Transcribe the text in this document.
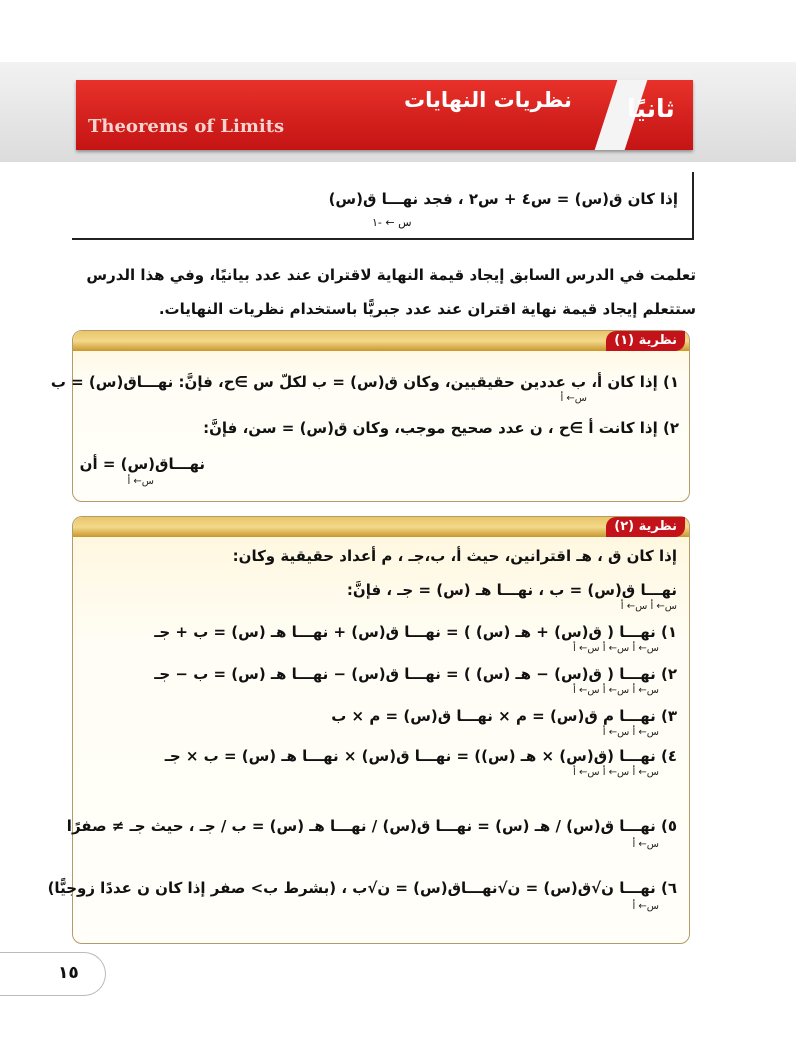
Theorems of Limits
نظريات النهايات ثانيًا
إذا كان ق(س) = س٤ + س٢ ، فجد نهـــا ق(س)
س ← -١
تعلمت في الدرس السابق إيجاد قيمة النهاية لاقتران عند عدد بيانيًا، وفي هذا الدرس ستتعلم إيجاد قيمة نهاية اقتران عند عدد جبريًّا باستخدام نظريات النهايات.
نظرية (١)
١) إذا كان أ، ب عددين حقيقيين، وكان ق(س) = ب لكلّ س ∋ح، فإنَّ: نهـــاق(س) = ب
س← أ
٢) إذا كانت أ ∋ح ، ن عدد صحيح موجب، وكان ق(س) = سن، فإنَّ:
نهـــاق(س) = أن
س← أ
نظرية (٢)
إذا كان ق ، هـ اقترانين، حيث أ، ب،جـ ، م أعداد حقيقية وكان:
نهـــا ق(س) = ب ، نهـــا هـ (س) = جـ ، فإنَّ:
س← أ س← أ
١) نهـــا ( ق(س) + هـ (س) ) = نهـــا ق(س) + نهـــا هـ (س) = ب + جـ
س← أ س← أ س← أ
٢) نهـــا ( ق(س) − هـ (س) ) = نهـــا ق(س) − نهـــا هـ (س) = ب − جـ
س← أ س← أ س← أ
٣) نهـــا م ق(س) = م × نهـــا ق(س) = م × ب
س← أ س← أ
٤) نهـــا (ق(س) × هـ (س)) = نهـــا ق(س) × نهـــا هـ (س) = ب × جـ
س← أ س← أ س← أ
٥) نهـــا ق(س) / هـ (س) = نهـــا ق(س) / نهـــا هـ (س) = ب / جـ ، حيث جـ ≠ صفرًا
س← أ
٦) نهـــا ن√ق(س) = ن√نهـــاق(س) = ن√ب ، (بشرط ب> صفر إذا كان ن عددًا زوجيًّا)
س← أ
١٥
